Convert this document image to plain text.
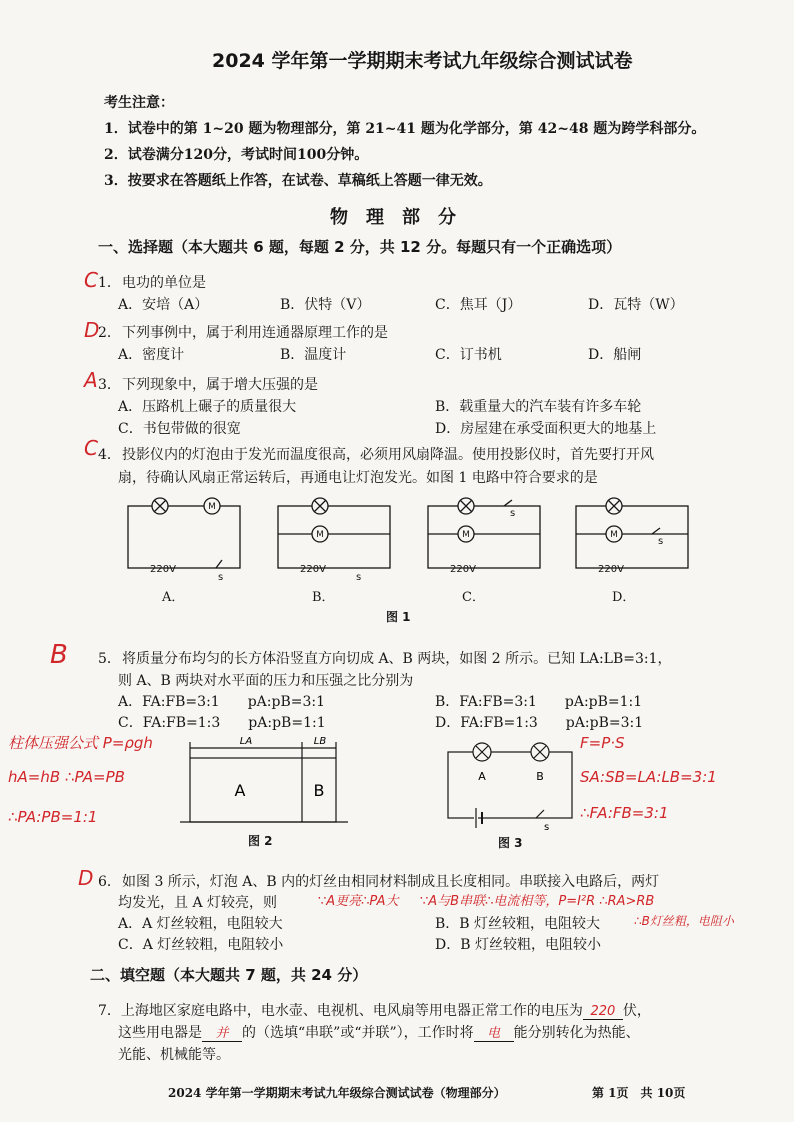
2024 学年第一学期期末考试九年级综合测试试卷
考生注意：
1．试卷中的第 1~20 题为物理部分，第 21~41 题为化学部分，第 42~48 题为跨学科部分。
2．试卷满分120分，考试时间100分钟。
3．按要求在答题纸上作答，在试卷、草稿纸上答题一律无效。
物　理　部　分
一、选择题（本大题共 6 题，每题 2 分，共 12 分。每题只有一个正确选项）
C 1． 电功的单位是
A．安培（A）	B．伏特（V）	C．焦耳（J）	D．瓦特（W）
D
2． 下列事例中，属于利用连通器原理工作的是
A．密度计	B．温度计	C．订书机	D．船闸
A 3． 下列现象中，属于增大压强的是
A．压路机上碾子的质量很大	B．载重量大的汽车装有许多车轮
C．书包带做的很宽	D．房屋建在承受面积更大的地基上
C 4． 投影仪内的灯泡由于发光而温度很高，必须用风扇降温。使用投影仪时，首先要打开风
扇，待确认风扇正常运转后，再通电让灯泡发光。如图 1 电路中符合要求的是
M
M	M	M
220V	220V	220V	220V
s	s
s
s
A．	B．	C．	D．
图 1
B 5． 将质量分布均匀的长方体沿竖直方向切成 A、B 两块，如图 2 所示。已知 LA:LB=3:1，
则 A、B 两块对水平面的压力和压强之比分别为
A．FA:FB=3:1　　pA:pB=3:1	B．FA:FB=3:1　　pA:pB=1:1
C．FA:FB=1:3　　pA:pB=1:1	D．FA:FB=1:3　　pA:pB=3:1
柱体压强公式 P=ρgh
hA=hB ∴PA=PB
∴PA:PB=1:1
F=P·S
SA:SB=LA:LB=3:1
∴FA:FB=3:1
A	B
LA	LB
图 2
A	B
s
图 3
D 6． 如图 3 所示，灯泡 A、B 内的灯丝由相同材料制成且长度相同。串联接入电路后，两灯
均发光，且 A 灯较亮，则	∵A更亮∴PA大 ∵A与B串联∴电流相等，P=I²R ∴RA>RB
∴B灯丝粗，电阻小
A．A 灯丝较粗，电阻较大	B．B 灯丝较粗，电阻较大
C．A 灯丝较粗，电阻较小	D．B 灯丝较粗，电阻较小
二、填空题（本大题共 7 题，共 24 分）
7．上海地区家庭电路中，电水壶、电视机、电风扇等用电器正常工作的电压为 220 伏，
这些用电器是 并 的（选填“串联”或“并联”），工作时将 电 能分别转化为热能、
光能、机械能等。
2024 学年第一学期期末考试九年级综合测试试卷（物理部分）	第 1页　共 10页
